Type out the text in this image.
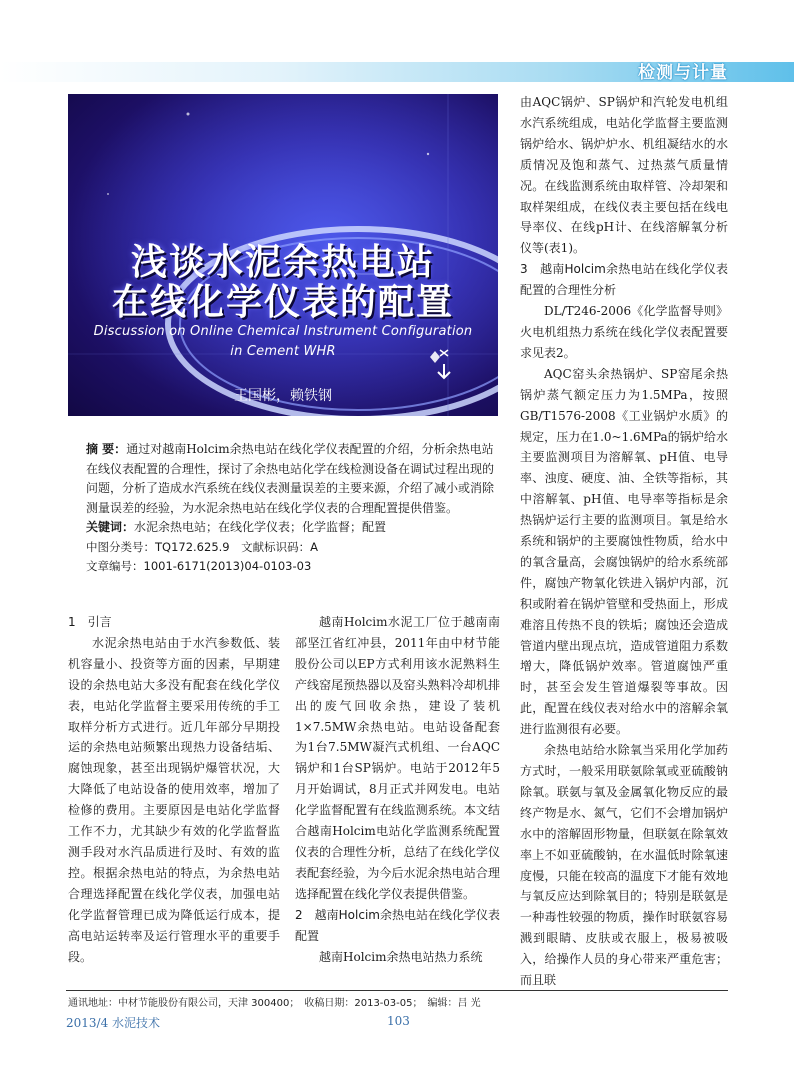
检测与计量
浅谈水泥余热电站
在线化学仪表的配置
Discussion on Online Chemical Instrument Configuration
in Cement WHR
王国彬，赖铁钢

摘 要：通过对越南Holcim余热电站在线化学仪表配置的介绍，分析余热电站在线仪表配置的合理性，探讨了余热电站化学在线检测设备在调试过程出现的问题，分析了造成水汽系统在线仪表测量误差的主要来源，介绍了减小或消除测量误差的经验，为水泥余热电站在线化学仪表的合理配置提供借鉴。

关键词：水泥余热电站；在线化学仪表；化学监督；配置

中图分类号：TQ172.625.9　文献标识码：A

文章编号：1001-6171(2013)04-0103-03

1　引言

水泥余热电站由于水汽参数低、装机容量小、投资等方面的因素，早期建设的余热电站大多没有配套在线化学仪表，电站化学监督主要采用传统的手工取样分析方式进行。近几年部分早期投运的余热电站频繁出现热力设备结垢、腐蚀现象，甚至出现锅炉爆管状况，大大降低了电站设备的使用效率，增加了检修的费用。主要原因是电站化学监督工作不力，尤其缺少有效的化学监督监测手段对水汽品质进行及时、有效的监控。根据余热电站的特点，为余热电站合理选择配置在线化学仪表，加强电站化学监督管理已成为降低运行成本，提高电站运转率及运行管理水平的重要手段。

越南Holcim水泥工厂位于越南南部坚江省红冲县，2011年由中材节能股份公司以EP方式利用该水泥熟料生产线窑尾预热器以及窑头熟料冷却机排出的废气回收余热，建设了装机1×7.5MW余热电站。电站设备配套为1台7.5MW凝汽式机组、一台AQC锅炉和1台SP锅炉。电站于2012年5月开始调试，8月正式并网发电。电站化学监督配置有在线监测系统。本文结合越南Holcim电站化学监测系统配置仪表的合理性分析，总结了在线化学仪表配套经验，为今后水泥余热电站合理选择配置在线化学仪表提供借鉴。

2　越南Holcim余热电站在线化学仪表配置

越南Holcim余热电站热力系统

由AQC锅炉、SP锅炉和汽轮发电机组水汽系统组成，电站化学监督主要监测锅炉给水、锅炉炉水、机组凝结水的水质情况及饱和蒸气、过热蒸气质量情况。在线监测系统由取样管、冷却架和取样架组成，在线仪表主要包括在线电导率仪、在线pH计、在线溶解氧分析仪等(表1)。

3　越南Holcim余热电站在线化学仪表配置的合理性分析

DL/T246-2006《化学监督导则》火电机组热力系统在线化学仪表配置要求见表2。

AQC窑头余热锅炉、SP窑尾余热锅炉蒸气额定压力为1.5MPa，按照GB/T1576-2008《工业锅炉水质》的规定，压力在1.0~1.6MPa的锅炉给水主要监测项目为溶解氧、pH值、电导率、浊度、硬度、油、全铁等指标，其中溶解氧、pH值、电导率等指标是余热锅炉运行主要的监测项目。氧是给水系统和锅炉的主要腐蚀性物质，给水中的氧含量高，会腐蚀锅炉的给水系统部件，腐蚀产物氧化铁进入锅炉内部，沉积或附着在锅炉管壁和受热面上，形成难溶且传热不良的铁垢；腐蚀还会造成管道内壁出现点坑，造成管道阻力系数增大，降低锅炉效率。管道腐蚀严重时，甚至会发生管道爆裂等事故。因此，配置在线仪表对给水中的溶解余氧进行监测很有必要。

余热电站给水除氧当采用化学加药方式时，一般采用联氨除氧或亚硫酸钠除氧。联氨与氧及金属氧化物反应的最终产物是水、氮气，它们不会增加锅炉水中的溶解固形物量，但联氨在除氧效率上不如亚硫酸钠，在水温低时除氧速度慢，只能在较高的温度下才能有效地与氧反应达到除氧目的；特别是联氨是一种毒性较强的物质，操作时联氨容易溅到眼睛、皮肤或衣服上，极易被吸入，给操作人员的身心带来严重危害；而且联

通讯地址：中材节能股份有限公司，天津 300400；　收稿日期：2013-03-05；　编辑：吕 光
2013/4 水泥技术	103
